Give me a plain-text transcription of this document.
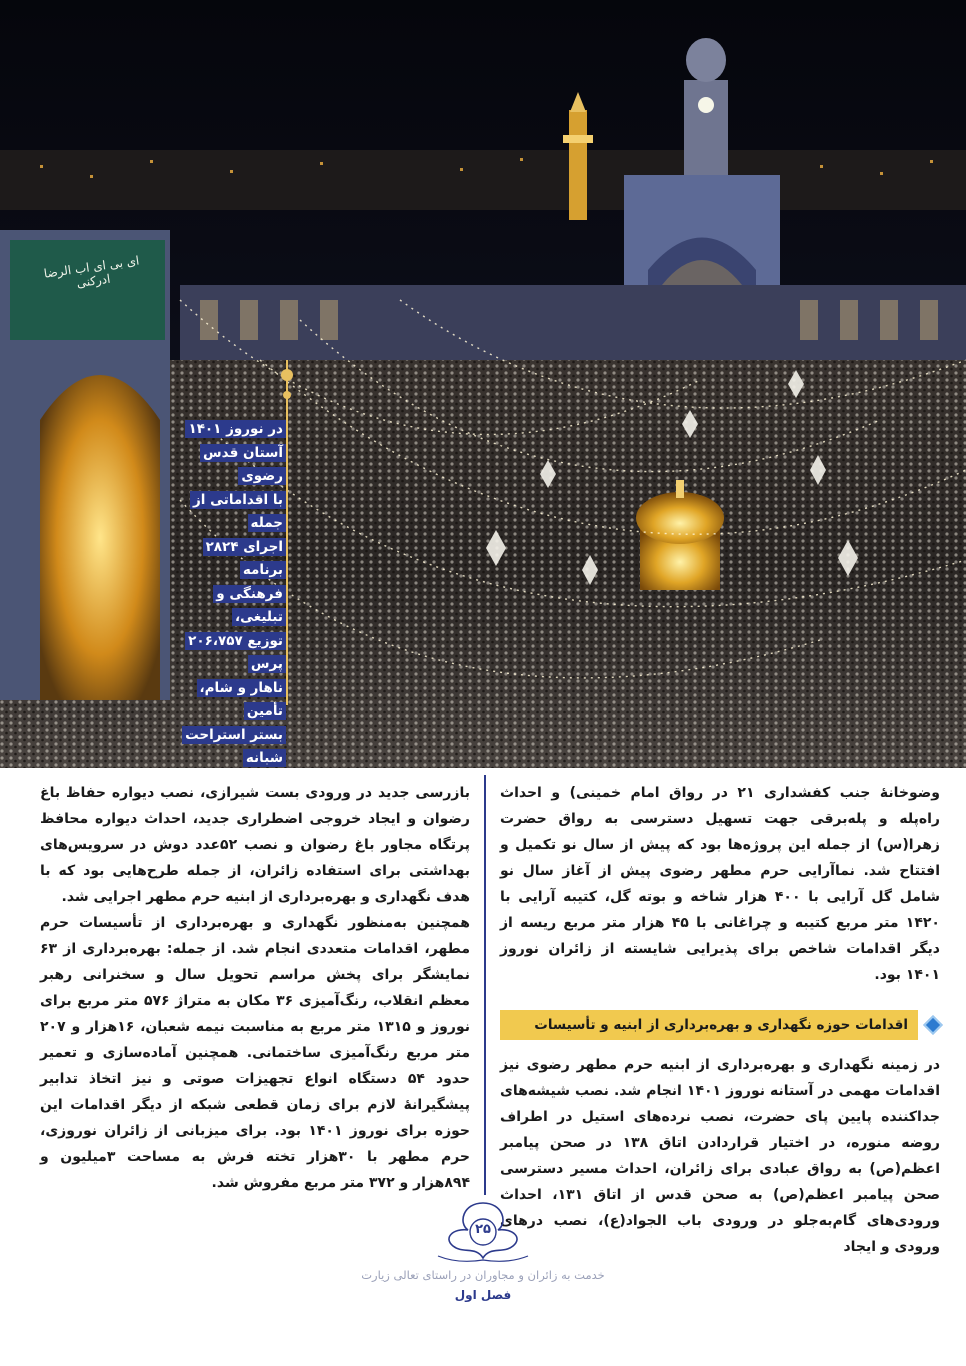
ای بی ای اب الرضا ادرکنی
در نوروز ۱۴۰۱
آستان قدس رضوی
با اقداماتی از جمله
اجرای ۲۸۲۴ برنامه
فرهنگی و تبلیغی،
توزیع ۲۰۶،۷۵۷ پرس
ناهار و شام، تأمین
بستر استراحت شبانه

وضوخانهٔ جنب کفشداری ۲۱ در رواق امام خمینی) و احداث راه‌پله و پله‌برقی جهت تسهیل دسترسی به رواق حضرت زهرا(س) از جمله این پروژه‌ها بود که پیش از سال نو تکمیل و افتتاح شد. نماآرایی حرم مطهر رضوی پیش از آغاز سال نو شامل گل آرایی با ۴۰۰ هزار شاخه و بوته گل، کتیبه آرایی با ۱۴۲۰ متر مربع کتیبه و چراغانی با ۴۵ هزار متر مربع ریسه از دیگر اقدامات شاخص برای پذیرایی شایسته از زائران نوروز ۱۴۰۱ بود.

اقدامات حوزه نگهداری و بهره‌برداری از ابنیه و تأسیسات

در زمینه نگهداری و بهره‌برداری از ابنیه حرم مطهر رضوی نیز اقدامات مهمی در آستانه نوروز ۱۴۰۱ انجام شد. نصب شیشه‌های جداکننده پایین پای حضرت، نصب نرده‌های استیل در اطراف روضه منوره، در اختیار قراردادن اتاق ۱۳۸ در صحن پیامبر اعظم(ص) به رواق عبادی برای زائران، احداث مسیر دسترسی صحن پیامبر اعظم(ص) به صحن قدس از اتاق ۱۳۱، احداث ورودی‌های گام‌به‌جلو در ورودی باب الجواد(ع)، نصب درهای ورودی و ایجاد

بازرسی جدید در ورودی بست شیرازی، نصب دیواره حفاظ باغ رضوان و ایجاد خروجی اضطراری جدید، احداث دیواره محافظ پرتگاه مجاور باغ رضوان و نصب ۵۲عدد دوش در سرویس‌های بهداشتی برای استفاده زائران، از جمله طرح‌هایی بود که با هدف نگهداری و بهره‌برداری از ابنیه حرم مطهر اجرایی شد.

همچنین به‌منظور نگهداری و بهره‌برداری از تأسیسات حرم مطهر، اقدامات متعددی انجام شد. از جمله: بهره‌برداری از ۶۳ نمایشگر برای پخش مراسم تحویل سال و سخنرانی رهبر معظم انقلاب، رنگ‌آمیزی ۳۶ مکان به متراژ ۵۷۶ متر مربع برای نوروز و ۱۳۱۵ متر مربع به مناسبت نیمه شعبان، ۱۶هزار و ۲۰۷ متر مربع رنگ‌آمیزی ساختمانی. همچنین آماده‌سازی و تعمیر حدود ۵۴ دستگاه انواع تجهیزات صوتی و نیز اتخاذ تدابیر پیشگیرانهٔ لازم برای زمان قطعی شبکه از دیگر اقدامات این حوزه برای نوروز ۱۴۰۱ بود. برای میزبانی از زائران نوروزی، حرم مطهر با ۳۰هزار تخته فرش به مساحت ۳میلیون و ۸۹۴هزار و ۳۷۲ متر مربع مفروش شد.

۲۵
خدمت به زائران و مجاوران در راستای تعالی زیارت
فصل اول
